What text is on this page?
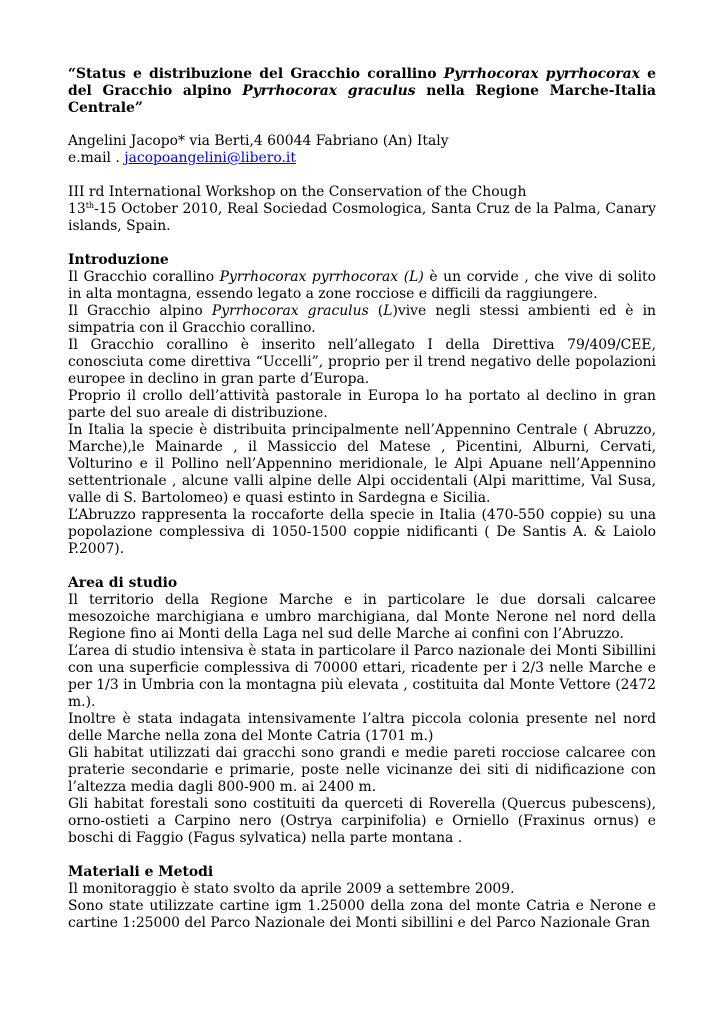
“Status e distribuzione del Gracchio corallino Pyrrhocorax pyrrhocorax e del Gracchio alpino Pyrrhocorax graculus nella Regione Marche-Italia Centrale”

Angelini Jacopo* via Berti,4 60044 Fabriano (An) Italy

e.mail . jacopoangelini@libero.it

III rd International Workshop on the Conservation of the Chough

13th-15 October 2010, Real Sociedad Cosmologica, Santa Cruz de la Palma, Canary islands, Spain.

Introduzione

Il Gracchio corallino Pyrrhocorax pyrrhocorax (L) è un corvide , che vive di solito in alta montagna, essendo legato a zone rocciose e difficili da raggiungere.

Il Gracchio alpino Pyrrhocorax graculus (L)vive negli stessi ambienti ed è in simpatria con il Gracchio corallino.

Il Gracchio corallino è inserito nell’allegato I della Direttiva 79/409/CEE, conosciuta come direttiva “Uccelli”, proprio per il trend negativo delle popolazioni europee in declino in gran parte d’Europa.

Proprio il crollo dell’attività pastorale in Europa lo ha portato al declino in gran parte del suo areale di distribuzione.

In Italia la specie è distribuita principalmente nell’Appennino Centrale ( Abruzzo, Marche),le Mainarde , il Massiccio del Matese , Picentini, Alburni, Cervati, Volturino e il Pollino nell’Appennino meridionale, le Alpi Apuane nell’Appennino settentrionale , alcune valli alpine delle Alpi occidentali (Alpi marittime, Val Susa, valle di S. Bartolomeo) e quasi estinto in Sardegna e Sicilia.

L’Abruzzo rappresenta la roccaforte della specie in Italia (470-550 coppie) su una popolazione complessiva di 1050-1500 coppie nidificanti ( De Santis A. & Laiolo P.2007).

Area di studio

Il territorio della Regione Marche e in particolare le due dorsali calcaree mesozoiche marchigiana e umbro marchigiana, dal Monte Nerone nel nord della Regione fino ai Monti della Laga nel sud delle Marche ai confini con l’Abruzzo.

L’area di studio intensiva è stata in particolare il Parco nazionale dei Monti Sibillini con una superficie complessiva di 70000 ettari, ricadente per i 2/3 nelle Marche e per 1/3 in Umbria con la montagna più elevata , costituita dal Monte Vettore (2472 m.).

Inoltre è stata indagata intensivamente l’altra piccola colonia presente nel nord delle Marche nella zona del Monte Catria (1701 m.)

Gli habitat utilizzati dai gracchi sono grandi e medie pareti rocciose calcaree con praterie secondarie e primarie, poste nelle vicinanze dei siti di nidificazione con l’altezza media dagli 800-900 m. ai 2400 m.

Gli habitat forestali sono costituiti da querceti di Roverella (Quercus pubescens), orno-ostieti a Carpino nero (Ostrya carpinifolia) e Orniello (Fraxinus ornus) e boschi di Faggio (Fagus sylvatica) nella parte montana .

Materiali e Metodi

Il monitoraggio è stato svolto da aprile 2009 a settembre 2009.

Sono state utilizzate cartine igm 1.25000 della zona del monte Catria e Nerone e cartine 1:25000 del Parco Nazionale dei Monti sibillini e del Parco Nazionale Gran
